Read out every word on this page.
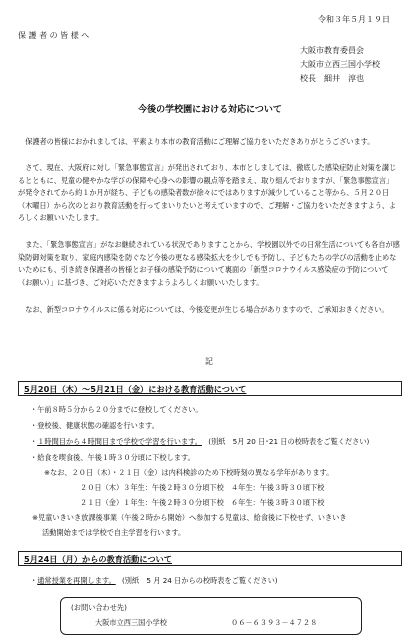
令和３年５月１９日
保 護 者 の 皆 様 へ
大阪市教育委員会
大阪市立西三国小学校
校長　細井　淳也
今後の学校園における対応について
保護者の皆様におかれましては、平素より本市の教育活動にご理解ご協力をいただきありがとうございます。
さて、現在、大阪府に対し「緊急事態宣言」が発出されており、本市としましては、徹底した感染症防止対策を講じるとともに、児童の健やかな学びの保障や心身への影響の観点等を踏まえ、取り組んでおりますが、「緊急事態宣言」が発令されてから約１か月が経ち、子どもの感染者数が徐々にではありますが減少していること等から、５月２０日（木曜日）から次のとおり教育活動を行ってまいりたいと考えていますので、ご理解・ご協力をいただきますよう、よろしくお願いいたします。
また、「緊急事態宣言」がなお継続されている状況でありますことから、学校園以外での日常生活についても各自が感染防御対策を取り、家庭内感染を防ぐなど今後の更なる感染拡大を少しでも予防し、子どもたちの学びの活動を止めないためにも、引き続き保護者の皆様とお子様の感染予防について裏面の「新型コロナウイルス感染症の予防について（お願い）」に基づき、ご対応いただきますようよろしくお願いいたします。
なお、新型コロナウイルスに係る対応については、今後変更が生じる場合がありますので、ご承知おきください。
記
5月20日（木）～5月21日（金）における教育活動について
・ 午前８時５分から２０分までに登校してください。
・ 登校後、健康状態の確認を行います。
・１時間目から４時間目まで学校で学習を行います。 (別紙　5月 20 日･21 日の校時表をご覧ください)
・ 給食を喫食後、午後１時３０分頃に下校します。
※なお、２０日（木）・２１日（金）は内科検診のため下校時刻の異なる学年があります。
２０日（木）３年生：午後２時３０分頃下校　４年生：午後３時３０頃下校
２１日（金）１年生：午後２時３０分頃下校　６年生：午後３時３０頃下校
※児童いきいき放課後事業（午後２時から開始）へ参加する児童は、給食後に下校せず、いきいき
活動開始までは学校で自主学習を行います。
5月24日（月）からの教育活動について
・通常授業を再開します。 (別紙　5 月 24 日からの校時表をご覧ください)
(お問い合わせ先)
大阪市立西三国小学校	０６－６３９３－４７２８
